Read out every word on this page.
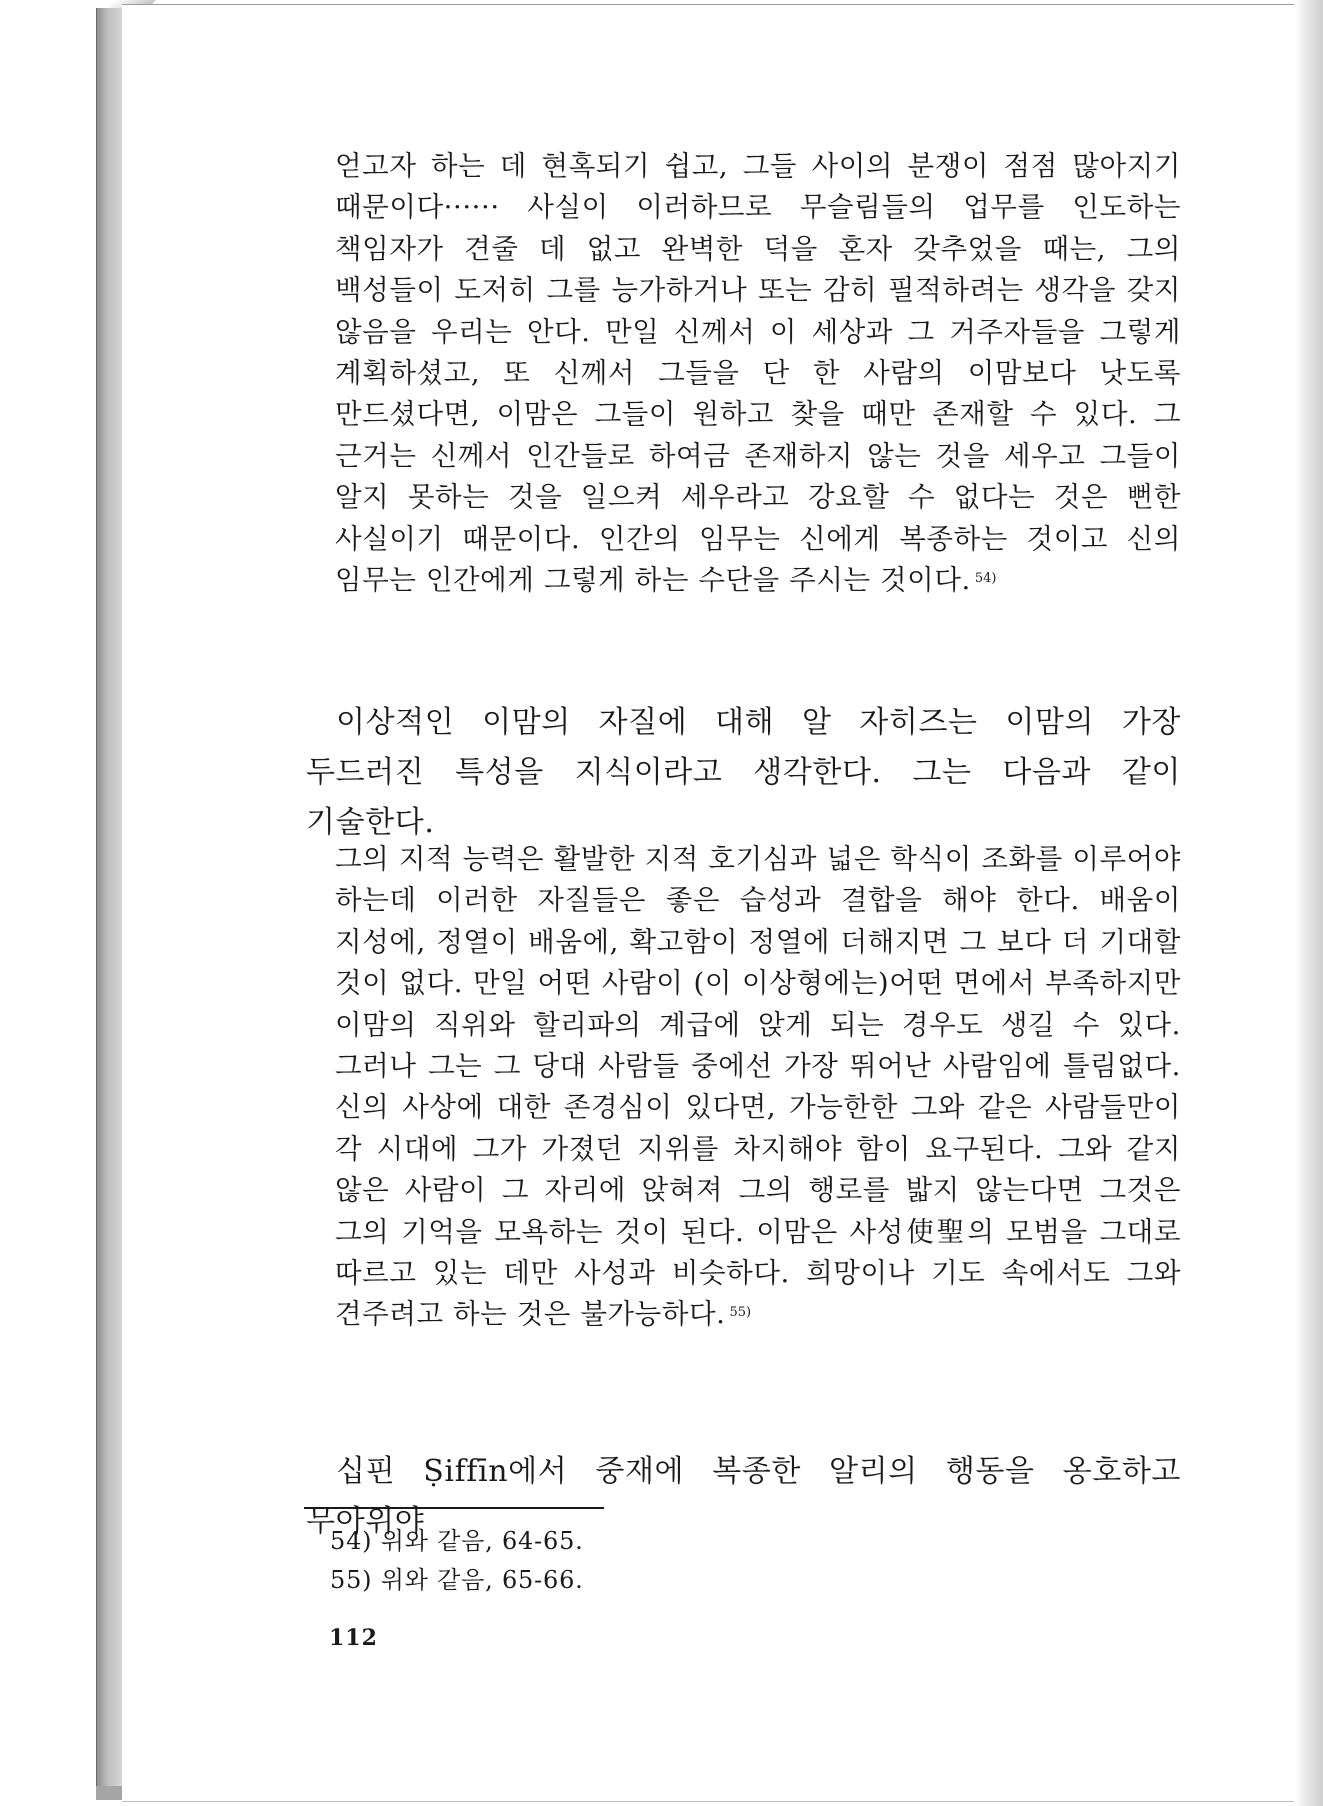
얻고자 하는 데 현혹되기 쉽고, 그들 사이의 분쟁이 점점 많아지기 때문이다······ 사실이 이러하므로 무슬림들의 업무를 인도하는 책임자가 견줄 데 없고 완벽한 덕을 혼자 갖추었을 때는, 그의 백성들이 도저히 그를 능가하거나 또는 감히 필적하려는 생각을 갖지 않음을 우리는 안다. 만일 신께서 이 세상과 그 거주자들을 그렇게 계획하셨고, 또 신께서 그들을 단 한 사람의 이맘보다 낫도록 만드셨다면, 이맘은 그들이 원하고 찾을 때만 존재할 수 있다. 그 근거는 신께서 인간들로 하여금 존재하지 않는 것을 세우고 그들이 알지 못하는 것을 일으켜 세우라고 강요할 수 없다는 것은 뻔한 사실이기 때문이다. 인간의 임무는 신에게 복종하는 것이고 신의 임무는 인간에게 그렇게 하는 수단을 주시는 것이다. $^{54)}$

이상적인 이맘의 자질에 대해 알 자히즈는 이맘의 가장 두드러진 특성을 지식이라고 생각한다. 그는 다음과 같이 기술한다.

그의 지적 능력은 활발한 지적 호기심과 넓은 학식이 조화를 이루어야 하는데 이러한 자질들은 좋은 습성과 결합을 해야 한다. 배움이 지성에, 정열이 배움에, 확고함이 정열에 더해지면 그 보다 더 기대할 것이 없다. 만일 어떤 사람이 (이 이상형에는)어떤 면에서 부족하지만 이맘의 직위와 할리파의 계급에 앉게 되는 경우도 생길 수 있다. 그러나 그는 그 당대 사람들 중에선 가장 뛰어난 사람임에 틀림없다. 신의 사상에 대한 존경심이 있다면, 가능한한 그와 같은 사람들만이 각 시대에 그가 가졌던 지위를 차지해야 함이 요구된다. 그와 같지 않은 사람이 그 자리에 앉혀져 그의 행로를 밟지 않는다면 그것은 그의 기억을 모욕하는 것이 된다. 이맘은 사성使聖의 모범을 그대로 따르고 있는 데만 사성과 비슷하다. 희망이나 기도 속에서도 그와 견주려고 하는 것은 불가능하다. $^{55)}$

십핀 Ṣiffīn에서 중재에 복종한 알리의 행동을 옹호하고 무아위야

54) 위와 같음, 64-65.
55) 위와 같음, 65-66.
112
